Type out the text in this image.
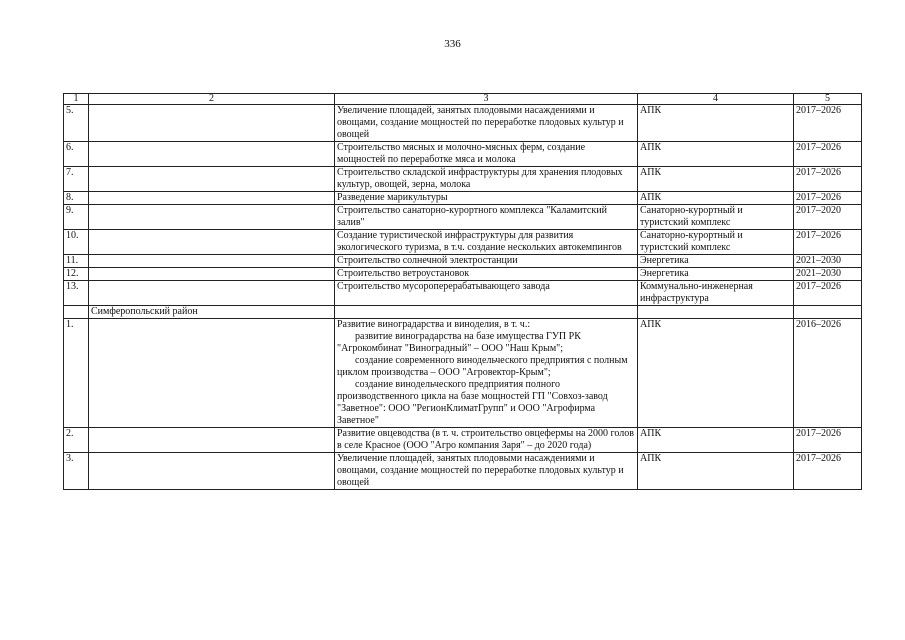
336
1	2	3	4	5
5.		Увеличение площадей, занятых плодовыми насаждениями и овощами, создание мощностей по переработке плодовых культур и овощей	АПК	2017–2026
6.		Строительство мясных и молочно-мясных ферм, создание мощностей по переработке мяса и молока	АПК	2017–2026
7.		Строительство складской инфраструктуры для хранения плодовых культур, овощей, зерна, молока	АПК	2017–2026
8.		Разведение марикультуры	АПК	2017–2026
9.		Строительство санаторно-курортного комплекса "Каламитский залив"	Санаторно-курортный и туристский комплекс	2017–2020
10.		Создание туристической инфраструктуры для развития экологического туризма, в т.ч. создание нескольких автокемпингов	Санаторно-курортный и туристский комплекс	2017–2026
11.		Строительство солнечной электростанции	Энергетика	2021–2030
12.		Строительство ветроустановок	Энергетика	2021–2030
13.		Строительство мусороперерабатывающего завода	Коммунально-инженерная инфраструктура	2017–2026
	Симферопольский район			
1.		Развитие виноградарства и виноделия, в т. ч.:
развитие виноградарства на базе имущества ГУП РК "Агрокомбинат "Виноградный" – ООО "Наш Крым";
создание современного винодельческого предприятия с полным циклом производства – ООО "Агровектор-Крым";
создание винодельческого предприятия полного производственного цикла на базе мощностей ГП "Совхоз-завод "Заветное": ООО "РегионКлиматГрупп" и ООО "Агрофирма Заветное"	АПК	2016–2026
2.		Развитие овцеводства (в т. ч. строительство овцефермы на 2000 голов в селе Красное (ООО "Агро компания Заря" – до 2020 года)	АПК	2017–2026
3.		Увеличение площадей, занятых плодовыми насаждениями и овощами, создание мощностей по переработке плодовых культур и овощей	АПК	2017–2026
